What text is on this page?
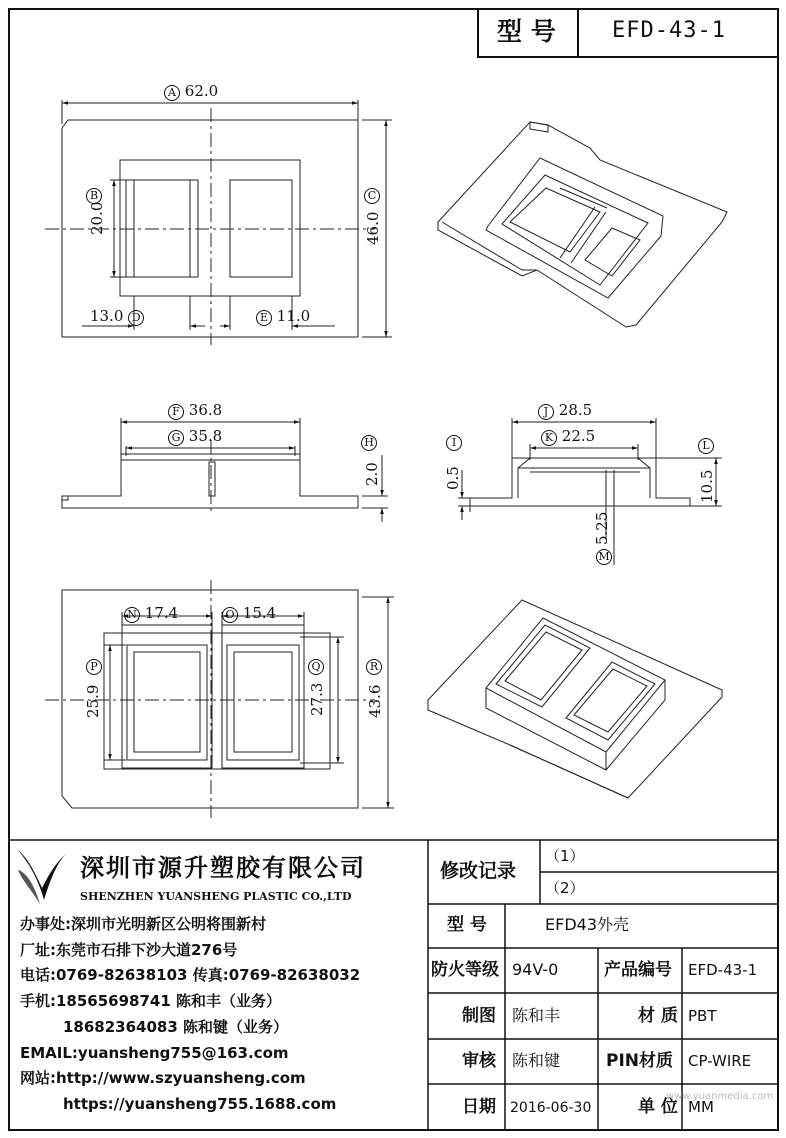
型 号	EFD-43-1
A 62.0
B
20.0
C
46.0
13.0 D	E 11.0
F 36.8
G 35.8	H
2.0
I
0.5
J 28.5
K 22.5
L
10.5
5.25
M
N 17.4	O 15.4
P
25.9
Q
27.3
R
43.6
深圳市源升塑胶有限公司
SHENZHEN YUANSHENG PLASTIC CO.,LTD
办事处:深圳市光明新区公明将围新村
厂址:东莞市石排下沙大道276号
电话:0769-82638103 传真:0769-82638032
手机:18565698741 陈和丰（业务）
18682364083 陈和键（业务）
EMAIL:yuansheng755@163.com
网站:http://www.szyuansheng.com
https://yuansheng755.1688.com
修改记录
（1）
（2）
型 号	EFD43外壳
防火等级 94V-0	产品编号 EFD-43-1
制图 陈和丰	材 质 PBT
审核 陈和键	PIN材质 CP-WIRE
日期 2016-06-30	单 位 MM
www.yuanmedia.com
